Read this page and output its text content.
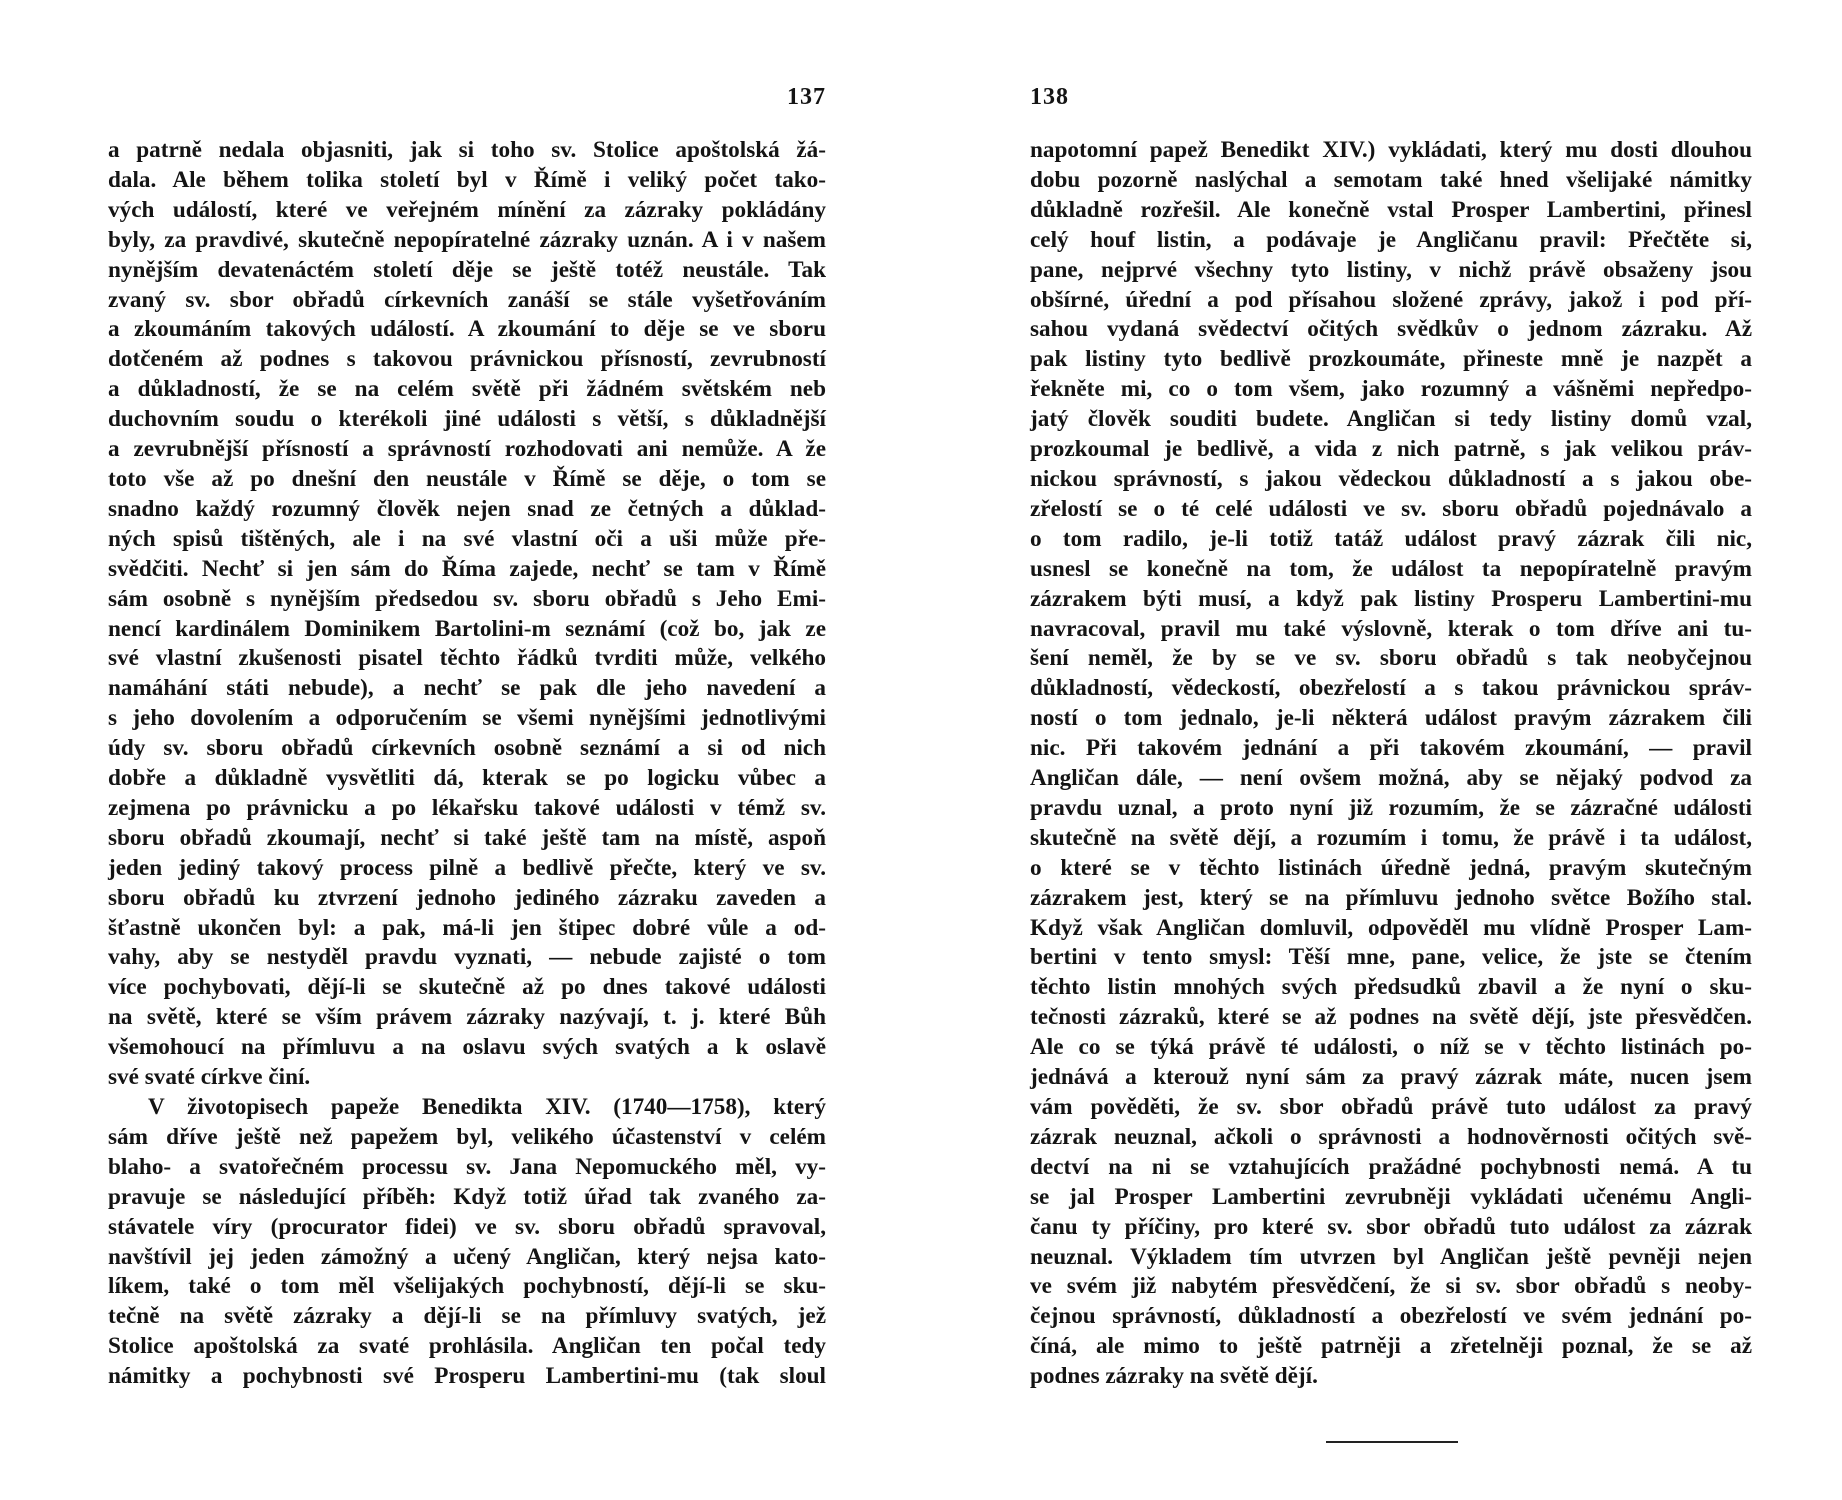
137
a patrně nedala objasniti, jak si toho sv. Stolice apoštolská žá-
dala. Ale během tolika století byl v Římě i veliký počet tako-
vých událostí, které ve veřejném mínění za zázraky pokládány
byly, za pravdivé, skutečně nepopíratelné zázraky uznán. A i v našem
nynějším devatenáctém století děje se ještě totéž neustále. Tak
zvaný sv. sbor obřadů církevních zanáší se stále vyšetřováním
a zkoumáním takových událostí. A zkoumání to děje se ve sboru
dotčeném až podnes s takovou právnickou přísností, zevrubností
a důkladností, že se na celém světě při žádném světském neb
duchovním soudu o kterékoli jiné události s větší, s důkladnější
a zevrubnější přísností a správností rozhodovati ani nemůže. A že
toto vše až po dnešní den neustále v Římě se děje, o tom se
snadno každý rozumný člověk nejen snad ze četných a důklad-
ných spisů tištěných, ale i na své vlastní oči a uši může pře-
svědčiti. Nechť si jen sám do Říma zajede, nechť se tam v Římě
sám osobně s nynějším předsedou sv. sboru obřadů s Jeho Emi-
nencí kardinálem Dominikem Bartolini-m seznámí (což bo, jak ze
své vlastní zkušenosti pisatel těchto řádků tvrditi může, velkého
namáhání státi nebude), a nechť se pak dle jeho navedení a
s jeho dovolením a odporučením se všemi nynějšími jednotlivými
údy sv. sboru obřadů církevních osobně seznámí a si od nich
dobře a důkladně vysvětliti dá, kterak se po logicku vůbec a
zejmena po právnicku a po lékařsku takové události v témž sv.
sboru obřadů zkoumají, nechť si také ještě tam na místě, aspoň
jeden jediný takový process pilně a bedlivě přečte, který ve sv.
sboru obřadů ku ztvrzení jednoho jediného zázraku zaveden a
šťastně ukončen byl: a pak, má-li jen štipec dobré vůle a od-
vahy, aby se nestyděl pravdu vyznati, — nebude zajisté o tom
více pochybovati, dějí-li se skutečně až po dnes takové události
na světě, které se vším právem zázraky nazývají, t. j. které Bůh
všemohoucí na přímluvu a na oslavu svých svatých a k oslavě
své svaté církve činí.
V životopisech papeže Benedikta XIV. (1740—1758), který
sám dříve ještě než papežem byl, velikého účastenství v celém
blaho- a svatořečném processu sv. Jana Nepomuckého měl, vy-
pravuje se následující příběh: Když totiž úřad tak zvaného za-
stávatele víry (procurator fidei) ve sv. sboru obřadů spravoval,
navštívil jej jeden zámožný a učený Angličan, který nejsa kato-
líkem, také o tom měl všelijakých pochybností, dějí-li se sku-
tečně na světě zázraky a dějí-li se na přímluvy svatých, jež
Stolice apoštolská za svaté prohlásila. Angličan ten počal tedy
námitky a pochybnosti své Prosperu Lambertini-mu (tak sloul
138
napotomní papež Benedikt XIV.) vykládati, který mu dosti dlouhou
dobu pozorně naslýchal a semotam také hned všelijaké námitky
důkladně rozřešil. Ale konečně vstal Prosper Lambertini, přinesl
celý houf listin, a podávaje je Angličanu pravil: Přečtěte si,
pane, nejprvé všechny tyto listiny, v nichž právě obsaženy jsou
obšírné, úřední a pod přísahou složené zprávy, jakož i pod pří-
sahou vydaná svědectví očitých svědkův o jednom zázraku. Až
pak listiny tyto bedlivě prozkoumáte, přineste mně je nazpět a
řekněte mi, co o tom všem, jako rozumný a vášněmi nepředpo-
jatý člověk souditi budete. Angličan si tedy listiny domů vzal,
prozkoumal je bedlivě, a vida z nich patrně, s jak velikou práv-
nickou správností, s jakou vědeckou důkladností a s jakou obe-
zřelostí se o té celé události ve sv. sboru obřadů pojednávalo a
o tom radilo, je-li totiž tatáž událost pravý zázrak čili nic,
usnesl se konečně na tom, že událost ta nepopíratelně pravým
zázrakem býti musí, a když pak listiny Prosperu Lambertini-mu
navracoval, pravil mu také výslovně, kterak o tom dříve ani tu-
šení neměl, že by se ve sv. sboru obřadů s tak neobyčejnou
důkladností, vědeckostí, obezřelostí a s takou právnickou správ-
ností o tom jednalo, je-li některá událost pravým zázrakem čili
nic. Při takovém jednání a při takovém zkoumání, — pravil
Angličan dále, — není ovšem možná, aby se nějaký podvod za
pravdu uznal, a proto nyní již rozumím, že se zázračné události
skutečně na světě dějí, a rozumím i tomu, že právě i ta událost,
o které se v těchto listinách úředně jedná, pravým skutečným
zázrakem jest, který se na přímluvu jednoho světce Božího stal.
Když však Angličan domluvil, odpověděl mu vlídně Prosper Lam-
bertini v tento smysl: Těší mne, pane, velice, že jste se čtením
těchto listin mnohých svých předsudků zbavil a že nyní o sku-
tečnosti zázraků, které se až podnes na světě dějí, jste přesvědčen.
Ale co se týká právě té události, o níž se v těchto listinách po-
jednává a kterouž nyní sám za pravý zázrak máte, nucen jsem
vám pověděti, že sv. sbor obřadů právě tuto událost za pravý
zázrak neuznal, ačkoli o správnosti a hodnověrnosti očitých svě-
dectví na ni se vztahujících pražádné pochybnosti nemá. A tu
se jal Prosper Lambertini zevrubněji vykládati učenému Angli-
čanu ty příčiny, pro které sv. sbor obřadů tuto událost za zázrak
neuznal. Výkladem tím utvrzen byl Angličan ještě pevněji nejen
ve svém již nabytém přesvědčení, že si sv. sbor obřadů s neoby-
čejnou správností, důkladností a obezřelostí ve svém jednání po-
číná, ale mimo to ještě patrněji a zřetelněji poznal, že se až
podnes zázraky na světě dějí.
